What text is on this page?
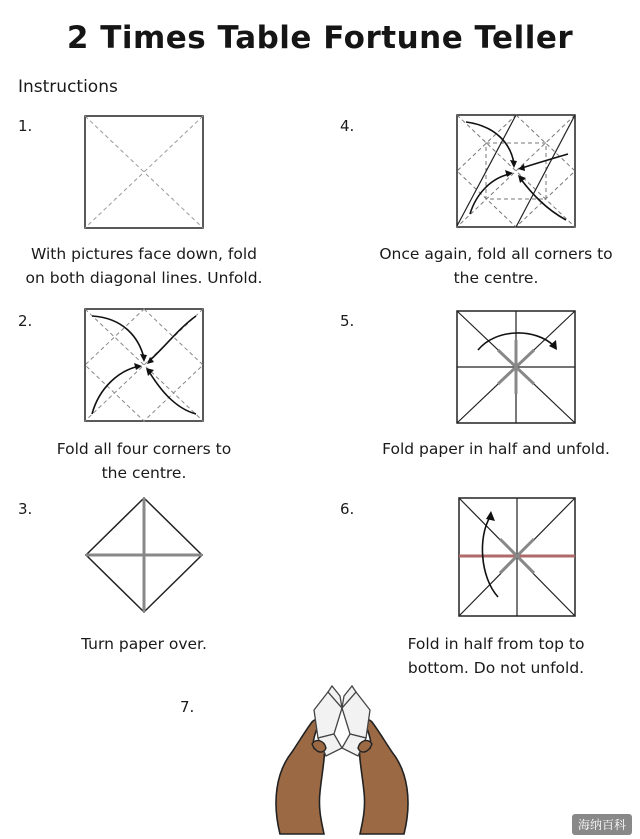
2 Times Table Fortune Teller
Instructions
1.
2.
3.
4.
5.
6.
7.
With pictures face down, fold
on both diagonal lines. Unfold.
Fold all four corners to
the centre.
Turn paper over.
Once again, fold all corners to
the centre.
Fold paper in half and unfold.
Fold in half from top to
bottom. Do not unfold.
海纳百科
